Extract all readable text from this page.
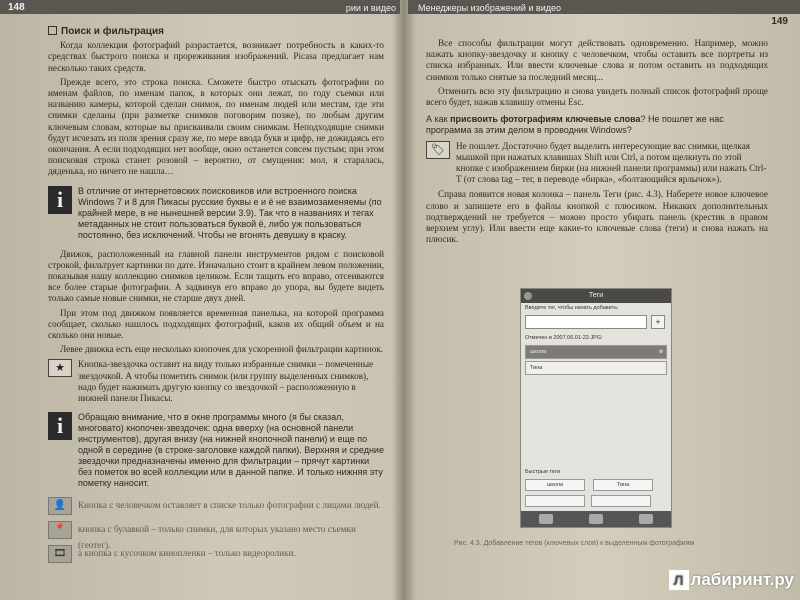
148	рии и видео
Поиск и фильтрация

Когда коллекция фотографий разрастается, возникает потребность в каких-то средствах быстрого поиска и прореживания изображений. Picasa предлагает нам несколько таких средств.

Прежде всего, это строка поиска. Сможете быстро отыскать фотографии по именам файлов, по именам папок, в которых они лежат, по году съемки или названию камеры, которой сделан снимок, по именам людей или местам, где эти снимки сделаны (при разметке снимков поговорим позже), по любым другим ключевым словам, которые вы присваивали своим снимкам. Неподходящие снимки будут исчезать из поля зрения сразу же, по мере ввода букв и цифр, не дожидаясь его окончания. А если подходящих нет вообще, окно останется совсем пустым; при этом поисковая строка станет розовой – вероятно, от смущения: мол, я старалась, дяденька, но ничего не нашла…

i	В отличие от интернетовских поисковиков или встроенного поиска Windows 7 и 8 для Пикасы русские буквы е и ё не взаимозаменяемы (по крайней мере, в не нынешней версии 3.9). Так что в названиях и тегах метаданных не стоит пользоваться буквой ё, либо уж пользоваться постоянно, без исключений. Чтобы не вгонять девушку в краску.

Движок, расположенный на главной панели инструментов рядом с поисковой строкой, фильтрует картинки по дате. Изначально стоит в крайнем левом положении, показывая нашу коллекцию снимков целиком. Если тащить его вправо, отсеиваются все более старые фотографии. А задвинув его вправо до упора, вы будете видеть только самые новые снимки, не старше двух дней.

При этом под движком появляется временная панелька, на которой программа сообщает, сколько нашлось подходящих фотографий, каков их общий объем и на сколько они новые.

Левее движка есть еще несколько кнопочек для ускоренной фильтрации картинок.

★	Кнопка-звездочка оставит на виду только избранные снимки – помеченные звездочкой. А чтобы пометить снимок (или группу выделенных снимков), надо будет нажимать другую кнопку со звездочкой – расположенную в нижней панели Пикасы.
i	Обращаю внимание, что в окне программы много (я бы сказал, многовато) кнопочек-звездочек: одна вверху (на основной панели инструментов), другая внизу (на нижней кнопочной панели) и еще по одной в середине (в строке-заголовке каждой папки). Верхняя и средние звездочки предназначены именно для фильтрации – прячут картинки без пометок во всей коллекции или в данной папке. И только нижняя эту пометку наносит.
👤	Кнопка с человечком оставляет в списке только фотографии с лицами людей.
📍	кнопка с булавкой – только снимки, для которых указано место съемки (геотег).
🎞	а кнопка с кусочком кинопленки – только видеоролики.
Менеджеры изображений и видео
149

Все способы фильтрации могут действовать одновременно. Например, можно нажать кнопку-звездочку и кнопку с человечком, чтобы оставить все портреты из списка избранных. Или ввести ключевые слова и потом оставить из подходящих снимков только снятые за последний месяц...

Отменить всю эту фильтрацию и снова увидеть полный список фотографий проще всего будет, нажав клавишу отмены Esc.

А как присвоить фотографиям ключевые слова? Не пошлет же нас программа за этим делом в проводник Windows?
🏷	Не пошлет. Достаточно будет выделить интересующие вас снимки, щелкая мышкой при нажатых клавишах Shift или Ctrl, а потом щелкнуть по этой кнопке с изображением бирки (на нижней панели программы) или нажать Ctrl-T (от слова tag – тег, в переводе «бирка», «болтающийся ярлычок»).

Справа появится новая колонка – панель Теги (рис. 4.3). Наберете новое ключевое слово и запишете его в файлы кнопкой с плюсиком. Никаких дополнительных подтверждений не требуется – можно просто убирать панель (крестик в правом верхнем углу). Или ввести еще какие-то ключевые слова (теги) и снова нажать на плюсик.

Теги
Введите тег, чтобы начать добавить:
+
Отмечен в 2007.06.01-22.JPG:
школа	⊗
Тина
Быстрые теги
школа	Тина

Рис. 4.3. Добавление тегов (ключевых слов) к выделенным фотографиям
Л лабиринт.ру
